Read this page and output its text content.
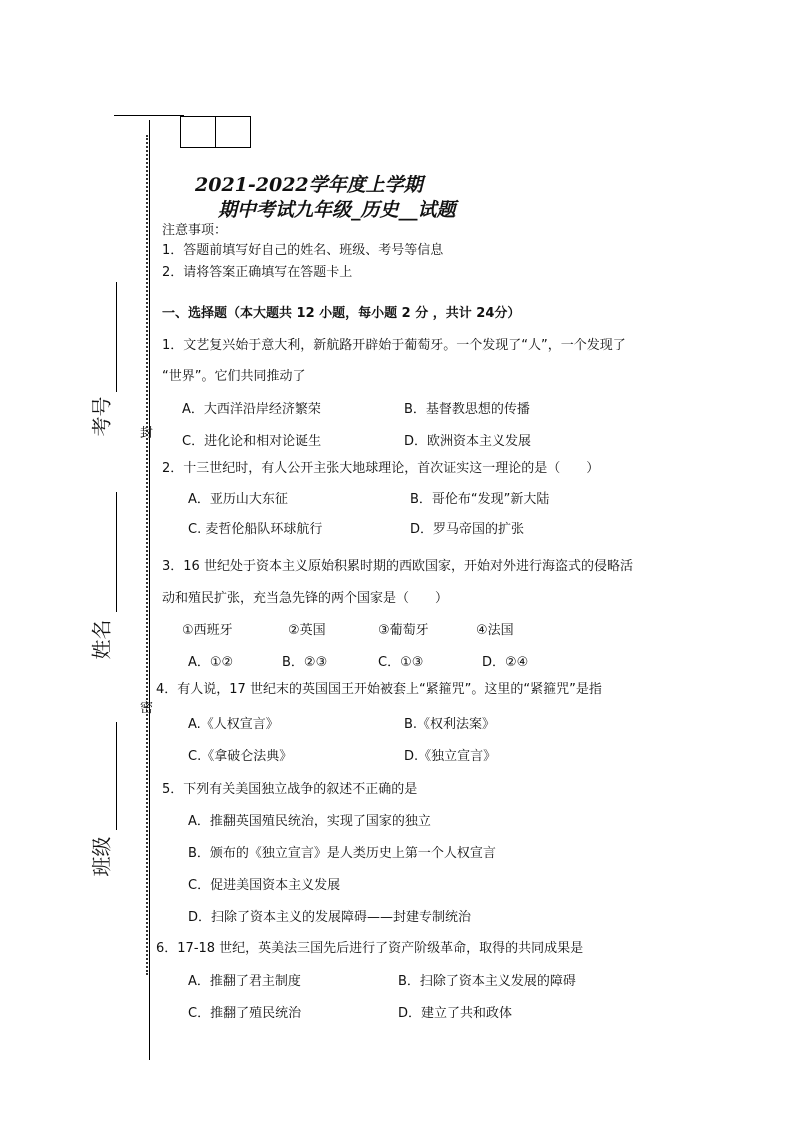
考号
姓名
班级
封
密
2021-2022学年度上学期
期中考试九年级_历史__试题
注意事项：
1．答题前填写好自己的姓名、班级、考号等信息
2．请将答案正确填写在答题卡上
一、选择题（本大题共 12 小题，每小题 2 分 ，共计 24分）
1．文艺复兴始于意大利，新航路开辟始于葡萄牙。一个发现了“人”，一个发现了
“世界”。它们共同推动了
A．大西洋沿岸经济繁荣	B．基督教思想的传播
C．进化论和相对论诞生	D．欧洲资本主义发展
2．十三世纪时，有人公开主张大地球理论，首次证实这一理论的是（　　）
A．亚历山大东征	B．哥伦布“发现”新大陆
C. 麦哲伦船队环球航行	D．罗马帝国的扩张
3．16 世纪处于资本主义原始积累时期的西欧国家，开始对外进行海盗式的侵略活
动和殖民扩张，充当急先锋的两个国家是（　　）
①西班牙	②英国	③葡萄牙	④法国
A．①②	B．②③	C．①③	D．②④
4．有人说，17 世纪末的英国国王开始被套上“紧箍咒”。这里的“紧箍咒”是指
A.《人权宣言》	B.《权利法案》
C.《拿破仑法典》	D.《独立宣言》
5．下列有关美国独立战争的叙述不正确的是
A．推翻英国殖民统治，实现了国家的独立
B．颁布的《独立宣言》是人类历史上第一个人权宣言
C．促进美国资本主义发展
D．扫除了资本主义的发展障碍——封建专制统治
6．17-18 世纪，英美法三国先后进行了资产阶级革命，取得的共同成果是
A．推翻了君主制度	B．扫除了资本主义发展的障碍
C．推翻了殖民统治	D．建立了共和政体
